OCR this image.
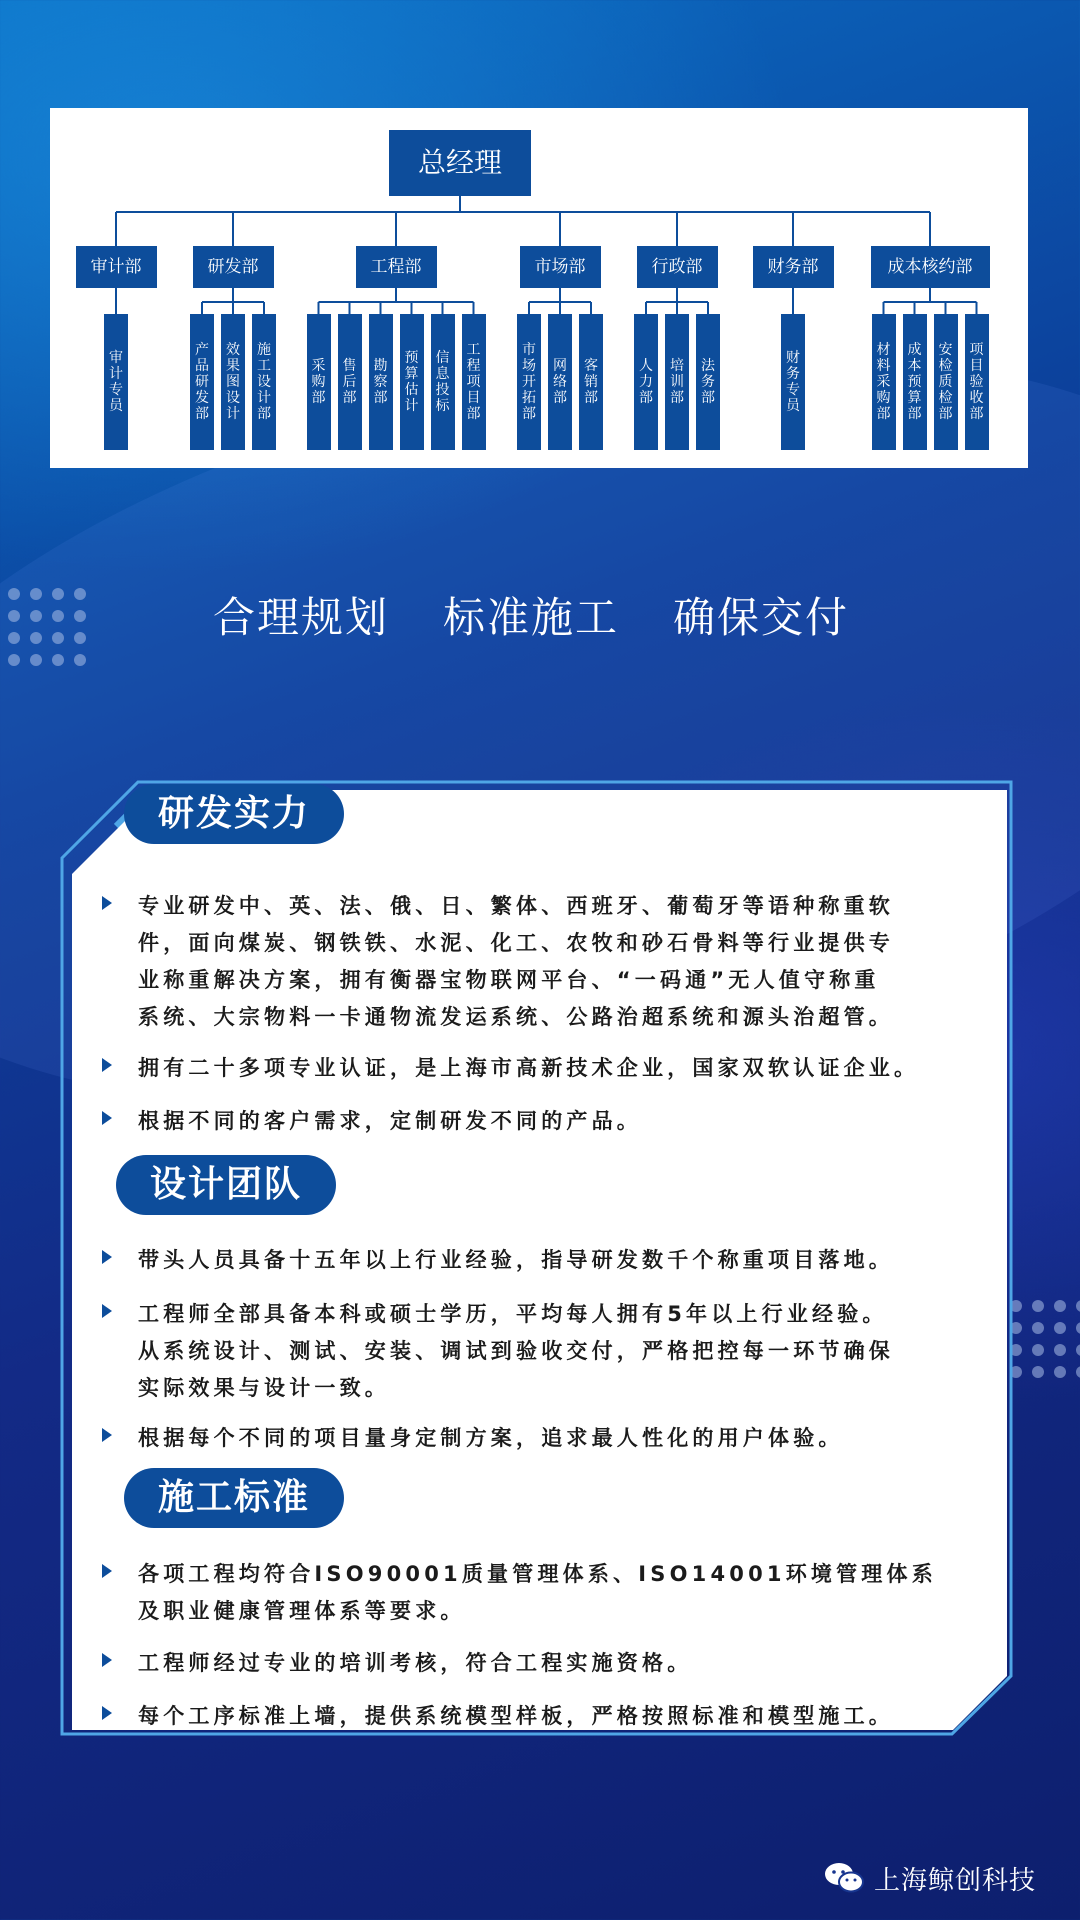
总经理
审计部
审
计
专
员
研发部
产
品
研
发
部
效
果
图
设
计
施
工
设
计
部
工程部
采
购
部
售
后
部
勘
察
部
预
算
估
计
信
息
投
标
工
程
项
目
部
市场部
市
场
开
拓
部
网
络
部
客
销
部
行政部
人
力
部
培
训
部
法
务
部
财务部
财
务
专
员
成本核约部
材
料
采
购
部
成
本
预
算
部
安
检
质
检
部
项
目
验
收
部
合理规划 标准施工 确保交付
研发实力
设计团队
施工标准

专业研发中、英、法、俄、日、繁体、西班牙、葡萄牙等语种称重软
件，面向煤炭、钢铁铁、水泥、化工、农牧和砂石骨料等行业提供专
业称重解决方案，拥有衡器宝物联网平台、“一码通”无人值守称重
系统、大宗物料一卡通物流发运系统、公路治超系统和源头治超管。

拥有二十多项专业认证，是上海市高新技术企业，国家双软认证企业。

根据不同的客户需求，定制研发不同的产品。

带头人员具备十五年以上行业经验，指导研发数千个称重项目落地。

工程师全部具备本科或硕士学历，平均每人拥有5年以上行业经验。
从系统设计、测试、安装、调试到验收交付，严格把控每一环节确保
实际效果与设计一致。

根据每个不同的项目量身定制方案，追求最人性化的用户体验。

各项工程均符合ISO90001质量管理体系、ISO14001环境管理体系
及职业健康管理体系等要求。

工程师经过专业的培训考核，符合工程实施资格。

每个工序标准上墙，提供系统模型样板，严格按照标准和模型施工。

上海鲸创科技
